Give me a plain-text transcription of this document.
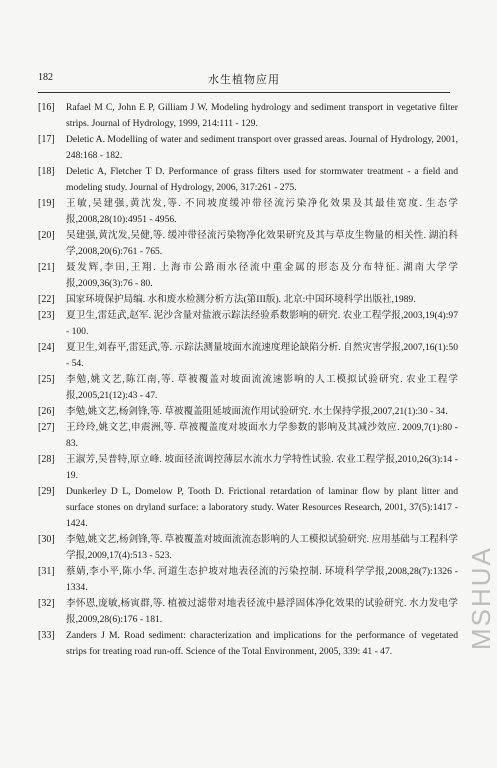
182	水生植物应用
[16]	Rafael M C, John E P, Gilliam J W. Modeling hydrology and sediment transport in vegetative filter strips. Journal of Hydrology, 1999, 214:111 - 129.
[17]	Deletic A. Modelling of water and sediment transport over grassed areas. Journal of Hydrology, 2001, 248:168 - 182.
[18]	Deletic A, Fletcher T D. Performance of grass filters used for stormwater treatment - a field and modeling study. Journal of Hydrology, 2006, 317:261 - 275.
[19]	王敏,吴建强,黄沈发,等. 不同坡度缓冲带径流污染净化效果及其最佳宽度. 生态学报,2008,28(10):4951 - 4956.
[20]	吴建强,黄沈发,吴健,等. 缓冲带径流污染物净化效果研究及其与草皮生物量的相关性. 湖泊科学,2008,20(6):761 - 765.
[21]	聂发辉,李田,王翔. 上海市公路雨水径流中重金属的形态及分布特征. 湖南大学学报,2009,36(3):76 - 80.
[22]	国家环境保护局编. 水和废水检测分析方法(第III版). 北京:中国环境科学出版社,1989.
[23]	夏卫生,雷廷武,赵军. 泥沙含量对盐液示踪法经验系数影响的研究. 农业工程学报,2003,19(4):97 - 100.
[24]	夏卫生,刘春平,雷廷武,等. 示踪法测量坡面水流速度理论缺陷分析. 自然灾害学报,2007,16(1):50 - 54.
[25]	李勉,姚文艺,陈江南,等. 草被覆盖对坡面流流速影响的人工模拟试验研究. 农业工程学报,2005,21(12):43 - 47.
[26]	李勉,姚文艺,杨剑锋,等. 草被覆盖阻延坡面流作用试验研究. 水土保持学报,2007,21(1):30 - 34.
[27]	王玲玲,姚文艺,申震洲,等. 草被覆盖度对坡面水力学参数的影响及其减沙效应. 2009,7(1):80 - 83.
[28]	王淑芳,吴普特,原立峰. 坡面径流调控薄层水流水力学特性试验. 农业工程学报,2010,26(3):14 - 19.
[29]	Dunkerley D L, Domelow P, Tooth D. Frictional retardation of laminar flow by plant litter and surface stones on dryland surface: a laboratory study. Water Resources Research, 2001, 37(5):1417 - 1424.
[30]	李勉,姚文艺,杨剑锋,等. 草被覆盖对坡面流流态影响的人工模拟试验研究. 应用基础与工程科学学报,2009,17(4):513 - 523.
[31]	蔡婧,李小平,陈小华. 河道生态护坡对地表径流的污染控制. 环境科学学报,2008,28(7):1326 - 1334.
[32]	李怀恩,庞敏,杨寅群,等. 植被过滤带对地表径流中悬浮固体净化效果的试验研究. 水力发电学报,2009,28(6):176 - 181.
[33]	Zanders J M. Road sediment: characterization and implications for the performance of vegetated strips for treating road run-off. Science of the Total Environment, 2005, 339: 41 - 47.
MSHUA
